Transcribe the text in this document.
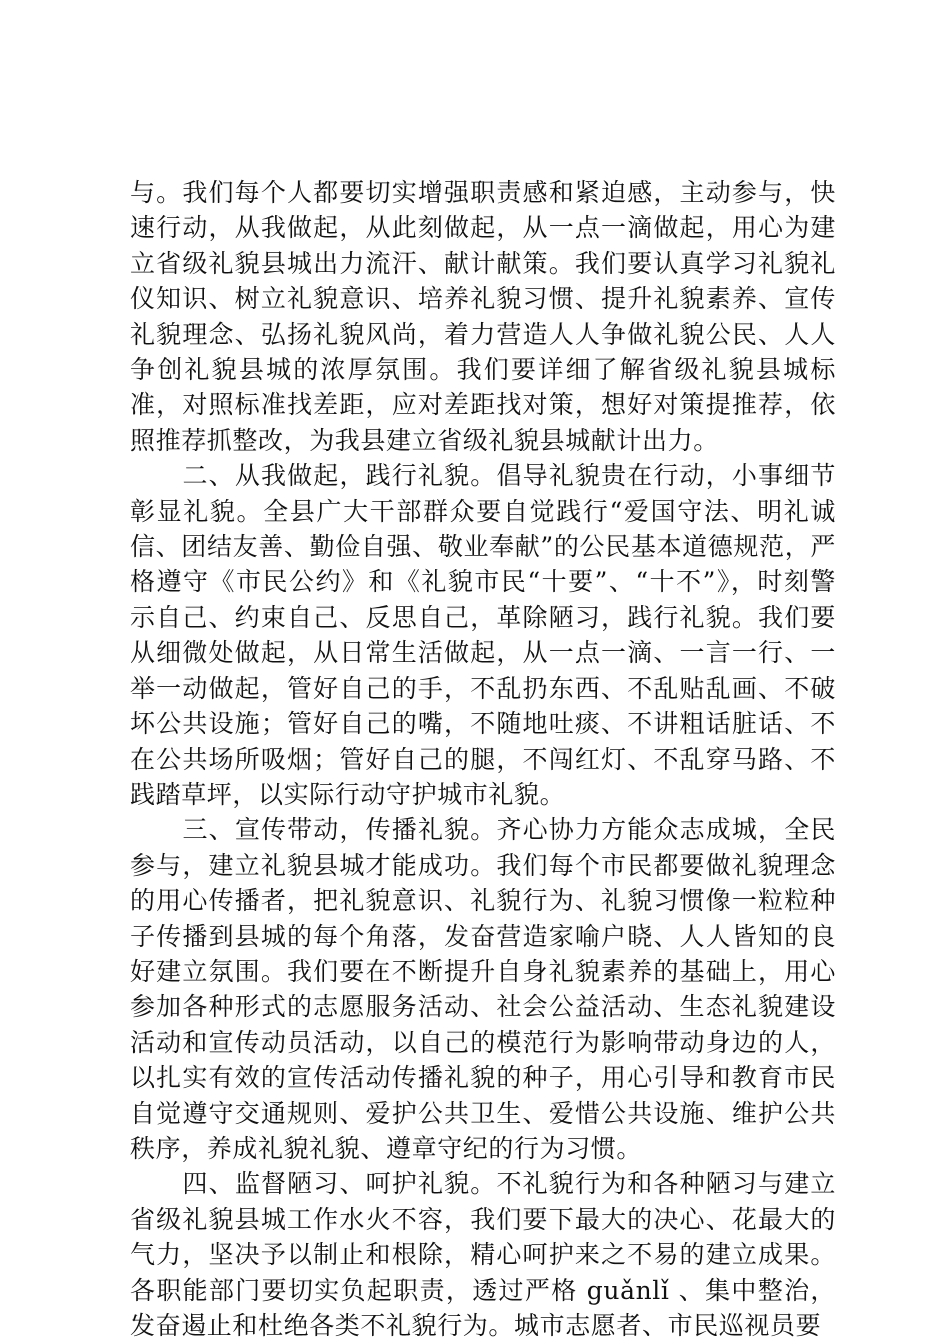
与。我们每个人都要切实增强职责感和紧迫感，主动参与，快速行动，从我做起，从此刻做起，从一点一滴做起，用心为建立省级礼貌县城出力流汗、献计献策。我们要认真学习礼貌礼仪知识、树立礼貌意识、培养礼貌习惯、提升礼貌素养、宣传礼貌理念、弘扬礼貌风尚，着力营造人人争做礼貌公民、人人争创礼貌县城的浓厚氛围。我们要详细了解省级礼貌县城标准，对照标准找差距，应对差距找对策，想好对策提推荐，依照推荐抓整改，为我县建立省级礼貌县城献计出力。

二、从我做起，践行礼貌。倡导礼貌贵在行动，小事细节彰显礼貌。全县广大干部群众要自觉践行“爱国守法、明礼诚信、团结友善、勤俭自强、敬业奉献”的公民基本道德规范，严格遵守《市民公约》和《礼貌市民“十要”、“十不”》，时刻警示自己、约束自己、反思自己，革除陋习，践行礼貌。我们要从细微处做起，从日常生活做起，从一点一滴、一言一行、一举一动做起，管好自己的手，不乱扔东西、不乱贴乱画、不破坏公共设施；管好自己的嘴，不随地吐痰、不讲粗话脏话、不在公共场所吸烟；管好自己的腿，不闯红灯、不乱穿马路、不践踏草坪，以实际行动守护城市礼貌。

三、宣传带动，传播礼貌。齐心协力方能众志成城，全民参与，建立礼貌县城才能成功。我们每个市民都要做礼貌理念的用心传播者，把礼貌意识、礼貌行为、礼貌习惯像一粒粒种子传播到县城的每个角落，发奋营造家喻户晓、人人皆知的良好建立氛围。我们要在不断提升自身礼貌素养的基础上，用心参加各种形式的志愿服务活动、社会公益活动、生态礼貌建设活动和宣传动员活动，以自己的模范行为影响带动身边的人，以扎实有效的宣传活动传播礼貌的种子，用心引导和教育市民自觉遵守交通规则、爱护公共卫生、爱惜公共设施、维护公共秩序，养成礼貌礼貌、遵章守纪的行为习惯。

四、监督陋习、呵护礼貌。不礼貌行为和各种陋习与建立省级礼貌县城工作水火不容，我们要下最大的决心、花最大的气力，坚决予以制止和根除，精心呵护来之不易的建立成果。各职能部门要切实负起职责，透过严格 guǎnlǐ 、集中整治，发奋遏止和杜绝各类不礼貌行为。城市志愿者、市民巡视员要
